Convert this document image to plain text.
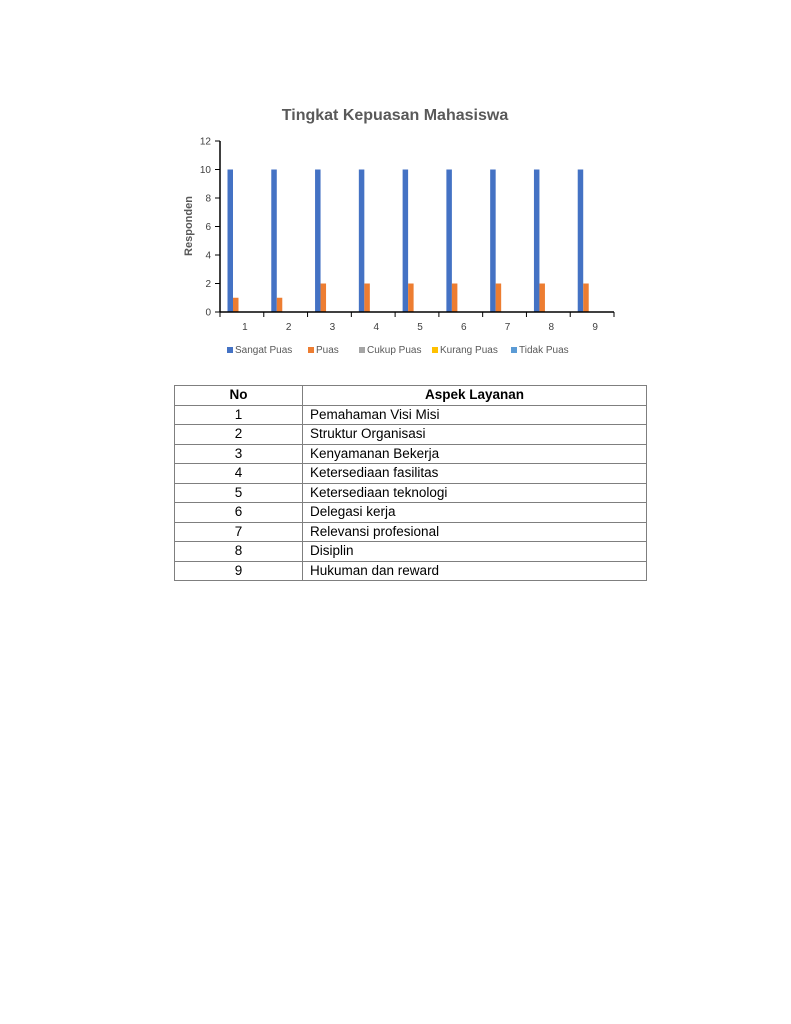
Tingkat Kepuasan Mahasiswa
Responden
0
2
4
6
8
10
12
1	2	3	4	5	6	7	8	9
Sangat Puas Puas	Cukup Puas Kurang Puas Tidak Puas
No	Aspek Layanan
1	Pemahaman Visi Misi
2	Struktur Organisasi
3	Kenyamanan Bekerja
4	Ketersediaan fasilitas
5	Ketersediaan teknologi
6	Delegasi kerja
7	Relevansi profesional
8	Disiplin
9	Hukuman dan reward
